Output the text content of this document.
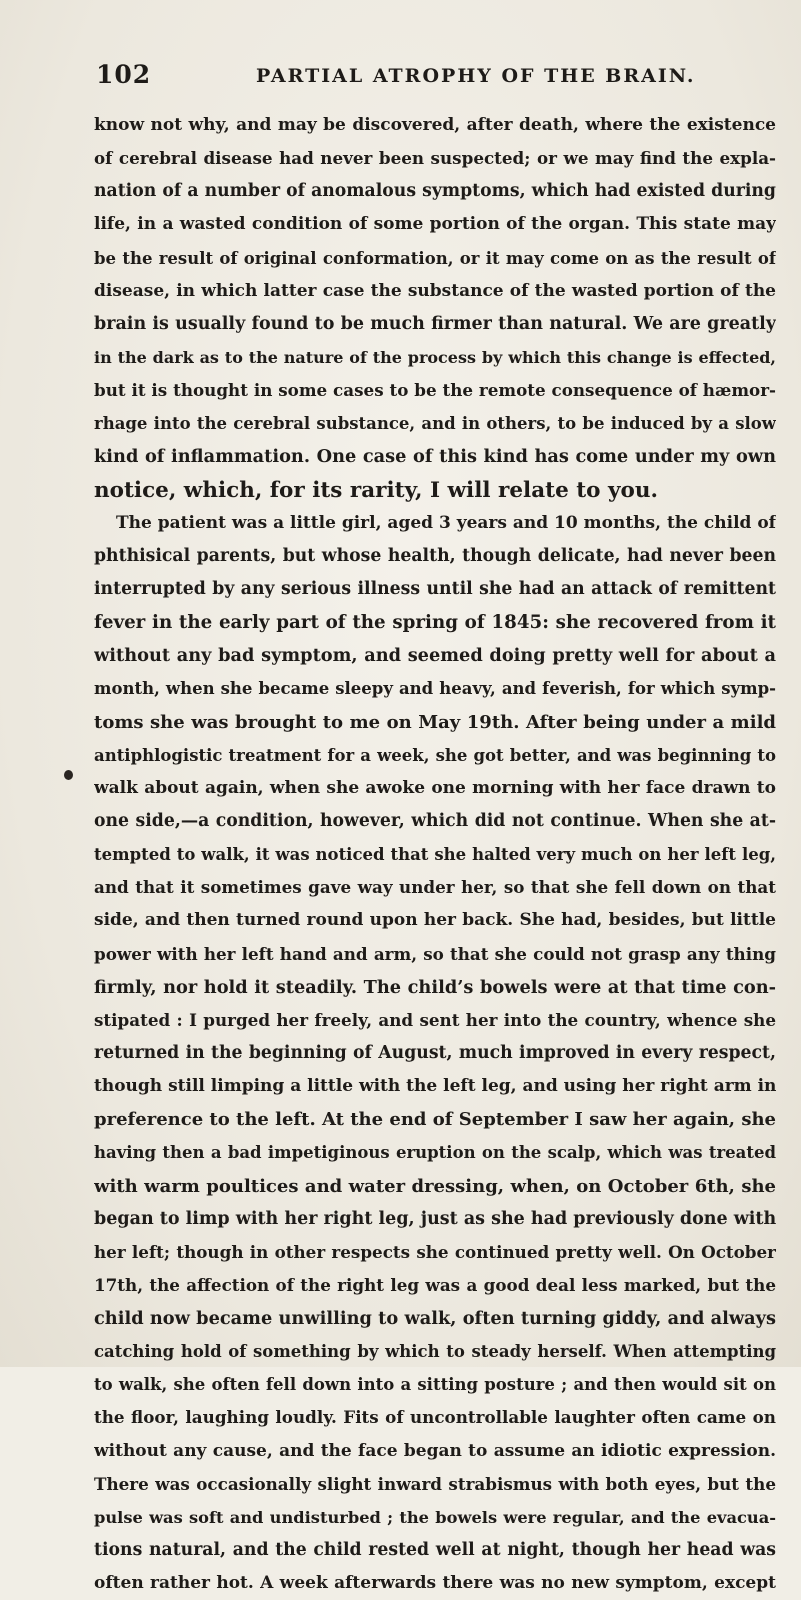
102	PARTIAL ATROPHY OF THE BRAIN.
know not why, and may be discovered, after death, where the existence
of cerebral disease had never been suspected; or we may find the expla-
nation of a number of anomalous symptoms, which had existed during
life, in a wasted condition of some portion of the organ. This state may
be the result of original conformation, or it may come on as the result of
disease, in which latter case the substance of the wasted portion of the
brain is usually found to be much firmer than natural. We are greatly
in the dark as to the nature of the process by which this change is effected,
but it is thought in some cases to be the remote consequence of hæmor-
rhage into the cerebral substance, and in others, to be induced by a slow
kind of inflammation. One case of this kind has come under my own
notice, which, for its rarity, I will relate to you.
The patient was a little girl, aged 3 years and 10 months, the child of
phthisical parents, but whose health, though delicate, had never been
interrupted by any serious illness until she had an attack of remittent
fever in the early part of the spring of 1845: she recovered from it
without any bad symptom, and seemed doing pretty well for about a
month, when she became sleepy and heavy, and feverish, for which symp-
toms she was brought to me on May 19th. After being under a mild
antiphlogistic treatment for a week, she got better, and was beginning to
walk about again, when she awoke one morning with her face drawn to
one side,—a condition, however, which did not continue. When she at-
tempted to walk, it was noticed that she halted very much on her left leg,
and that it sometimes gave way under her, so that she fell down on that
side, and then turned round upon her back. She had, besides, but little
power with her left hand and arm, so that she could not grasp any thing
firmly, nor hold it steadily. The child’s bowels were at that time con-
stipated : I purged her freely, and sent her into the country, whence she
returned in the beginning of August, much improved in every respect,
though still limping a little with the left leg, and using her right arm in
preference to the left. At the end of September I saw her again, she
having then a bad impetiginous eruption on the scalp, which was treated
with warm poultices and water dressing, when, on October 6th, she
began to limp with her right leg, just as she had previously done with
her left; though in other respects she continued pretty well. On October
17th, the affection of the right leg was a good deal less marked, but the
child now became unwilling to walk, often turning giddy, and always
catching hold of something by which to steady herself. When attempting
to walk, she often fell down into a sitting posture ; and then would sit on
the floor, laughing loudly. Fits of uncontrollable laughter often came on
without any cause, and the face began to assume an idiotic expression.
There was occasionally slight inward strabismus with both eyes, but the
pulse was soft and undisturbed ; the bowels were regular, and the evacua-
tions natural, and the child rested well at night, though her head was
often rather hot. A week afterwards there was no new symptom, except
